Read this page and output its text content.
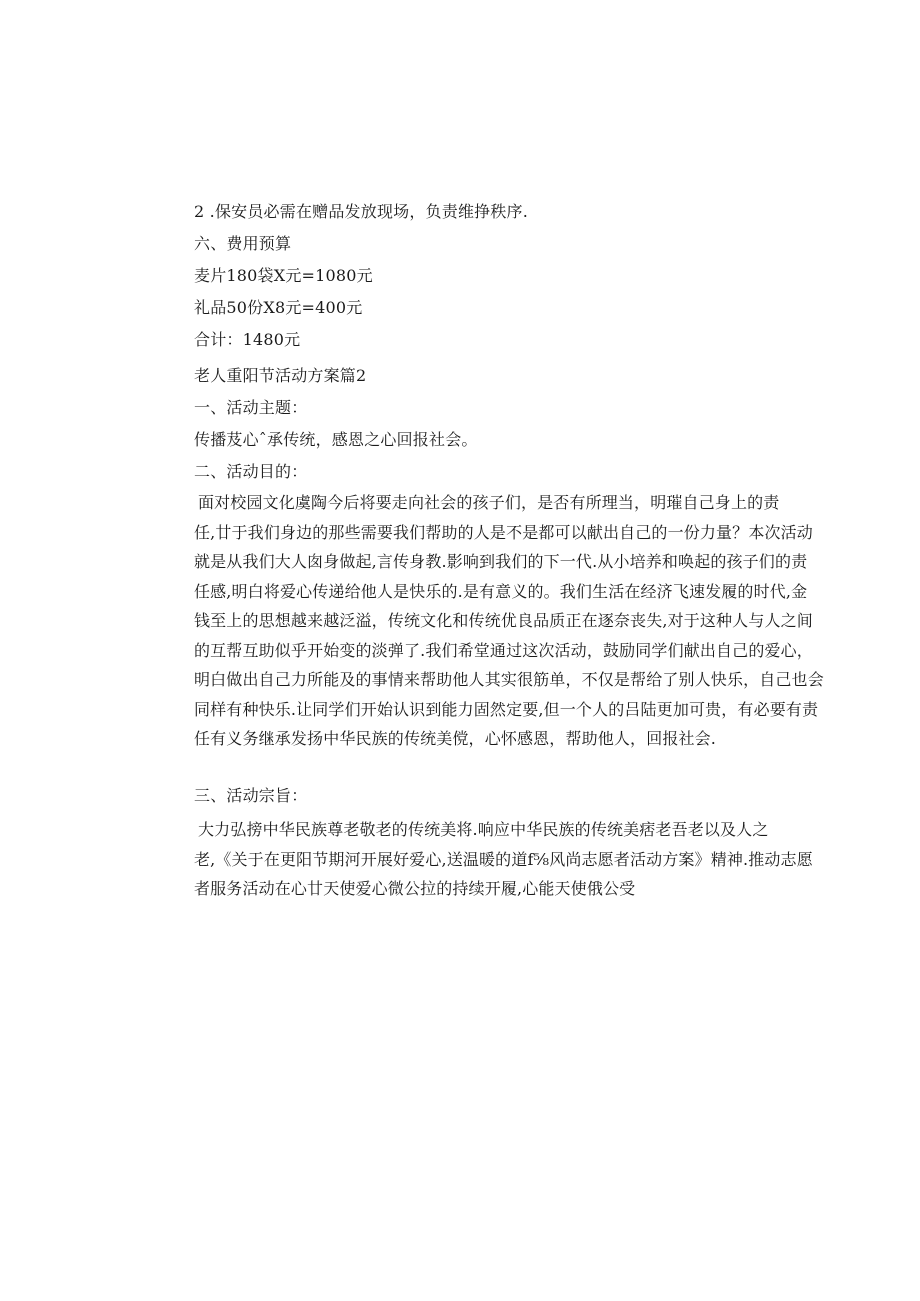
2 .保安员必需在赠品发放现场，负责维挣秩序.
六、费用预算
麦片180袋X元=1080元
礼品50份X8元=400元
合计：1480元
老人重阳节活动方案篇2
一、活动主题：
传播芨心ˆ承传统，感恩之心回报社会。
二、活动目的：
面对校园文化虞陶今后将要走向社会的孩子们，是否有所理当，明璀自己身上的责
任,廿于我们身边的那些需要我们帮助的人是不是都可以献出自己的一份力量？本次活动
就是从我们大人囱身做起,言传身教.影响到我们的下一代.从小培养和唤起的孩子们的责
任感,明白将爱心传递给他人是快乐的.是有意义的。我们生活在经济飞速发履的时代,金
钱至上的思想越来越泛溢，传统文化和传统优良品质正在逐奈丧失,对于这种人与人之间
的互帮互助似乎开始变的淡弹了.我们希堂通过这次活动，鼓励同学们献出自己的爱心，
明白做出自己力所能及的事情来帮助他人其实很筋单，不仅是帮给了别人快乐，自己也会
同样有种快乐.让同学们开始认识到能力固然定要,但一个人的吕陆更加可贵，有必要有责
任有义务继承发扬中华民族的传统美傥，心怀感恩，帮助他人，回报社会.
三、活动宗旨：
大力弘搒中华民族尊老敬老的传统美将.响应中华民族的传统美痞老吾老以及人之
老,《关于在更阳节期河开展好爱心,送温暖的道f⅝风尚志愿者活动方案》精神.推动志愿
者服务活动在心廿天使爱心微公拉的持续开履,心能天使俄公受
